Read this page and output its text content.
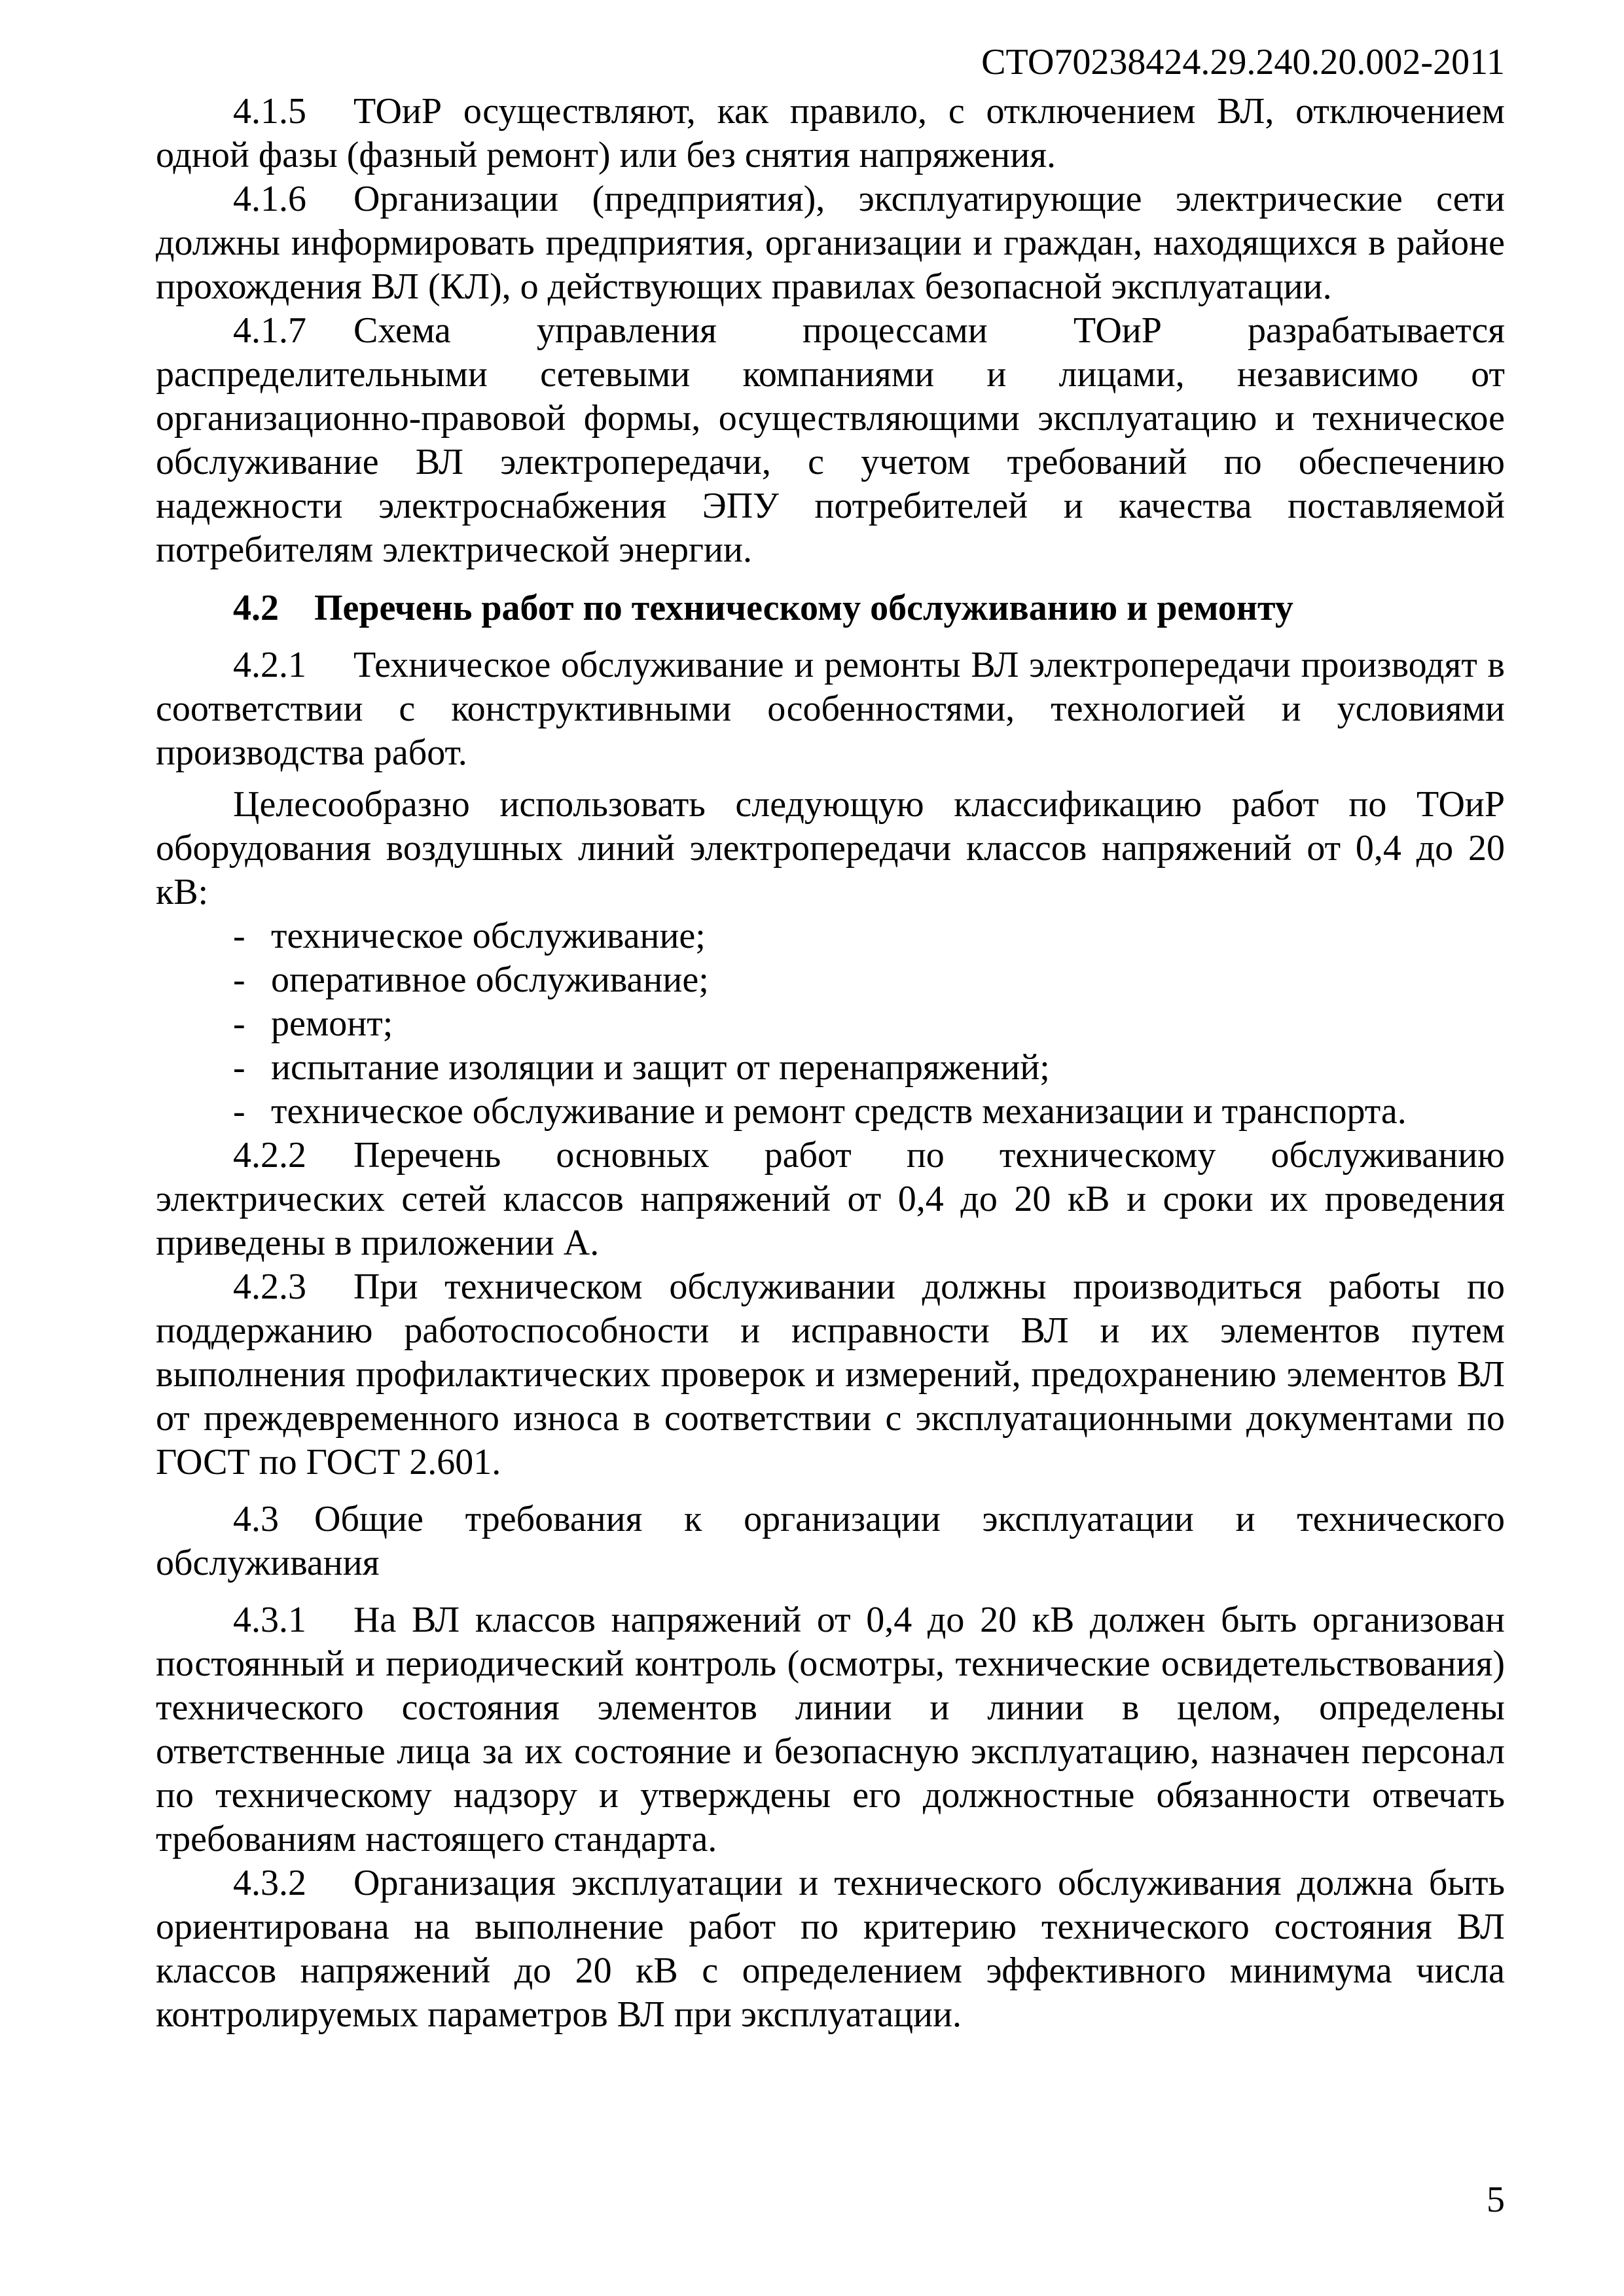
СТО70238424.29.240.20.002-2011

4.1.5 ТОиР осуществляют, как правило, с отключением ВЛ, отключением одной фазы (фазный ремонт) или без снятия напряжения.

4.1.6 Организации (предприятия), эксплуатирующие электрические сети должны информировать предприятия, организации и граждан, находящихся в районе прохождения ВЛ (КЛ), о действующих правилах безопасной эксплуатации.

4.1.7 Схема управления процессами ТОиР разрабатывается распределительными сетевыми компаниями и лицами, независимо от организационно-правовой формы, осуществляющими эксплуатацию и техническое обслуживание ВЛ электропередачи, с учетом требований по обеспечению надежности электроснабжения ЭПУ потребителей и качества поставляемой потребителям электрической энергии.

4.2 Перечень работ по техническому обслуживанию и ремонту

4.2.1 Техническое обслуживание и ремонты ВЛ электропередачи производят в соответствии с конструктивными особенностями, технологией и условиями производства работ.

Целесообразно использовать следующую классификацию работ по ТОиР оборудования воздушных линий электропередачи классов напряжений от 0,4 до 20 кВ:

- техническое обслуживание;
- оперативное обслуживание;
- ремонт;
- испытание изоляции и защит от перенапряжений;
- техническое обслуживание и ремонт средств механизации и транспорта.

4.2.2 Перечень основных работ по техническому обслуживанию электрических сетей классов напряжений от 0,4 до 20 кВ и сроки их проведения приведены в приложении А.

4.2.3 При техническом обслуживании должны производиться работы по поддержанию работоспособности и исправности ВЛ и их элементов путем выполнения профилактических проверок и измерений, предохранению элементов ВЛ от преждевременного износа в соответствии с эксплуатационными документами по ГОСТ по ГОСТ 2.601.

4.3 Общие требования к организации эксплуатации и технического обслуживания

4.3.1 На ВЛ классов напряжений от 0,4 до 20 кВ должен быть организован постоянный и периодический контроль (осмотры, технические освидетельствования) технического состояния элементов линии и линии в целом, определены ответственные лица за их состояние и безопасную эксплуатацию, назначен персонал по техническому надзору и утверждены его должностные обязанности отвечать требованиям настоящего стандарта.

4.3.2 Организация эксплуатации и технического обслуживания должна быть ориентирована на выполнение работ по критерию технического состояния ВЛ классов напряжений до 20 кВ с определением эффективного минимума числа контролируемых параметров ВЛ при эксплуатации.

5
